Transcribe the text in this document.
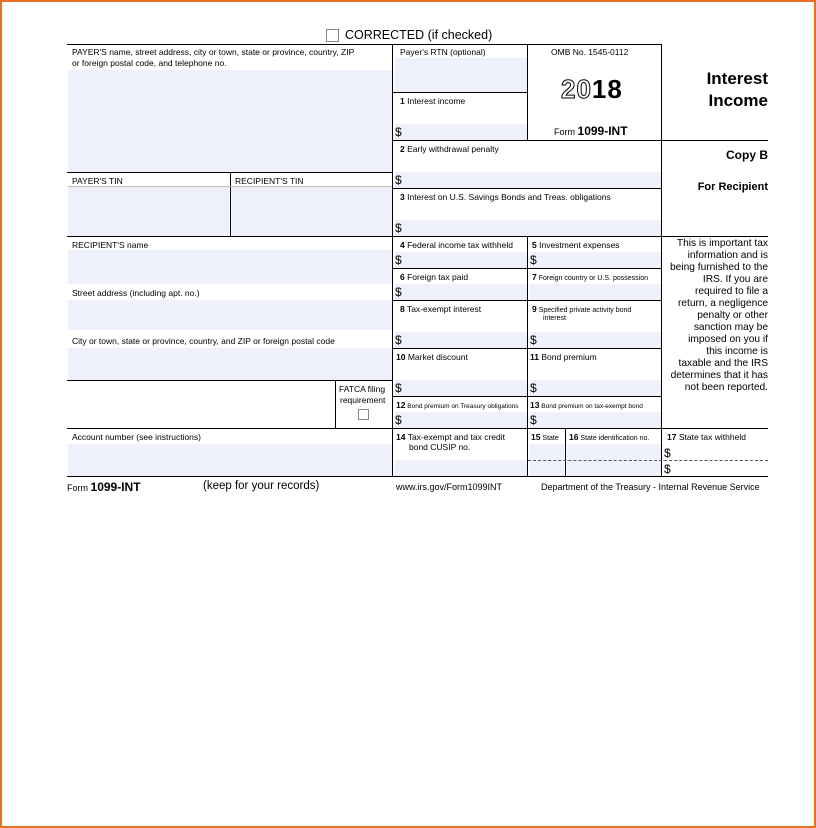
CORRECTED (if checked)
PAYER'S name, street address, city or town, state or province, country, ZIP
or foreign postal code, and telephone no.
PAYER'S TIN	RECIPIENT'S TIN
RECIPIENT'S name
Street address (including apt. no.)
City or town, state or province, country, and ZIP or foreign postal code
FATCA filing
requirement
Account number (see instructions)
OMB No. 1545-0112
2018
Form 1099-INT
Interest
Income
Copy B
For Recipient
This is important tax
information and is
being furnished to the
IRS. If you are
required to file a
return, a negligence
penalty or other
sanction may be
imposed on you if
this income is
taxable and the IRS
determines that it has
not been reported.
Payer's RTN (optional)
1 Interest income
$
2 Early withdrawal penalty
$
3 Interest on U.S. Savings Bonds and Treas. obligations
$
4 Federal income tax withheld
$
5 Investment expenses
$
6 Foreign tax paid
$
7 Foreign country or U.S. possession
8 Tax-exempt interest
$
9 Specified private activity bond
interest
$
10 Market discount
$
11 Bond premium
$
12 Bond premium on Treasury obligations
$
13 Bond premium on tax-exempt bond
$
14 Tax-exempt and tax credit
bond CUSIP no.
15 State 16 State identification no. 17 State tax withheld
$
$
Form 1099-INT	(keep for your records)	www.irs.gov/Form1099INT	Department of the Treasury - Internal Revenue Service
